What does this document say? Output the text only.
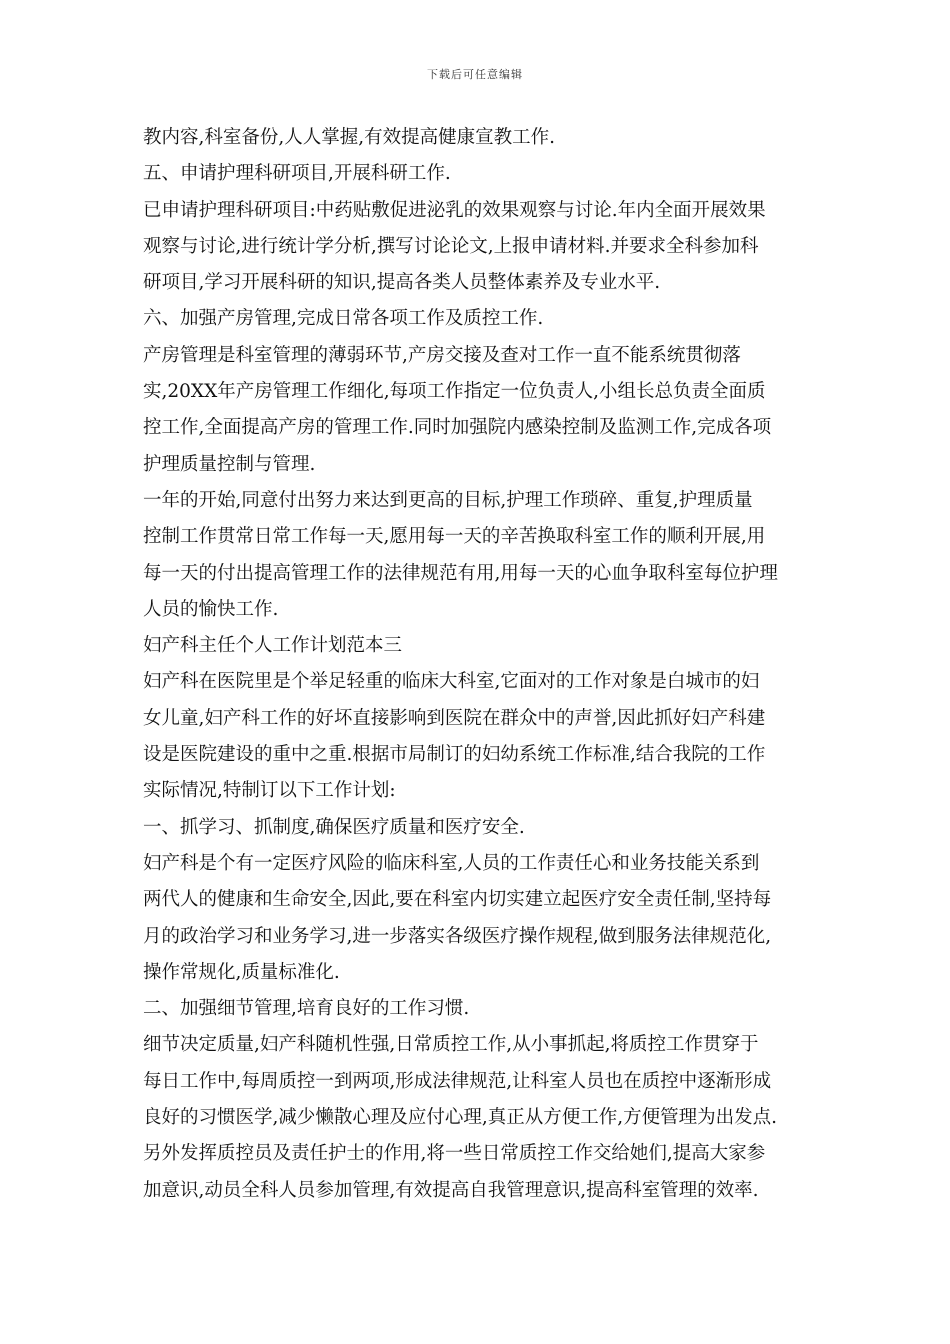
下载后可任意编辑
教内容,科室备份,人人掌握,有效提高健康宣教工作.
五、申请护理科研项目,开展科研工作.
已申请护理科研项目:中药贴敷促进泌乳的效果观察与讨论.年内全面开展效果
观察与讨论,进行统计学分析,撰写讨论论文,上报申请材料.并要求全科参加科
研项目,学习开展科研的知识,提高各类人员整体素养及专业水平.
六、加强产房管理,完成日常各项工作及质控工作.
产房管理是科室管理的薄弱环节,产房交接及查对工作一直不能系统贯彻落
实,20XX年产房管理工作细化,每项工作指定一位负责人,小组长总负责全面质
控工作,全面提高产房的管理工作.同时加强院内感染控制及监测工作,完成各项
护理质量控制与管理.
一年的开始,同意付出努力来达到更高的目标,护理工作琐碎、重复,护理质量
控制工作贯常日常工作每一天,愿用每一天的辛苦换取科室工作的顺利开展,用
每一天的付出提高管理工作的法律规范有用,用每一天的心血争取科室每位护理
人员的愉快工作.
妇产科主任个人工作计划范本三
妇产科在医院里是个举足轻重的临床大科室,它面对的工作对象是白城市的妇
女儿童,妇产科工作的好坏直接影响到医院在群众中的声誉,因此抓好妇产科建
设是医院建设的重中之重.根据市局制订的妇幼系统工作标准,结合我院的工作
实际情况,特制订以下工作计划:
一、抓学习、抓制度,确保医疗质量和医疗安全.
妇产科是个有一定医疗风险的临床科室,人员的工作责任心和业务技能关系到
两代人的健康和生命安全,因此,要在科室内切实建立起医疗安全责任制,坚持每
月的政治学习和业务学习,进一步落实各级医疗操作规程,做到服务法律规范化,
操作常规化,质量标准化.
二、加强细节管理,培育良好的工作习惯.
细节决定质量,妇产科随机性强,日常质控工作,从小事抓起,将质控工作贯穿于
每日工作中,每周质控一到两项,形成法律规范,让科室人员也在质控中逐渐形成
良好的习惯医学,减少懒散心理及应付心理,真正从方便工作,方便管理为出发点.
另外发挥质控员及责任护士的作用,将一些日常质控工作交给她们,提高大家参
加意识,动员全科人员参加管理,有效提高自我管理意识,提高科室管理的效率.
